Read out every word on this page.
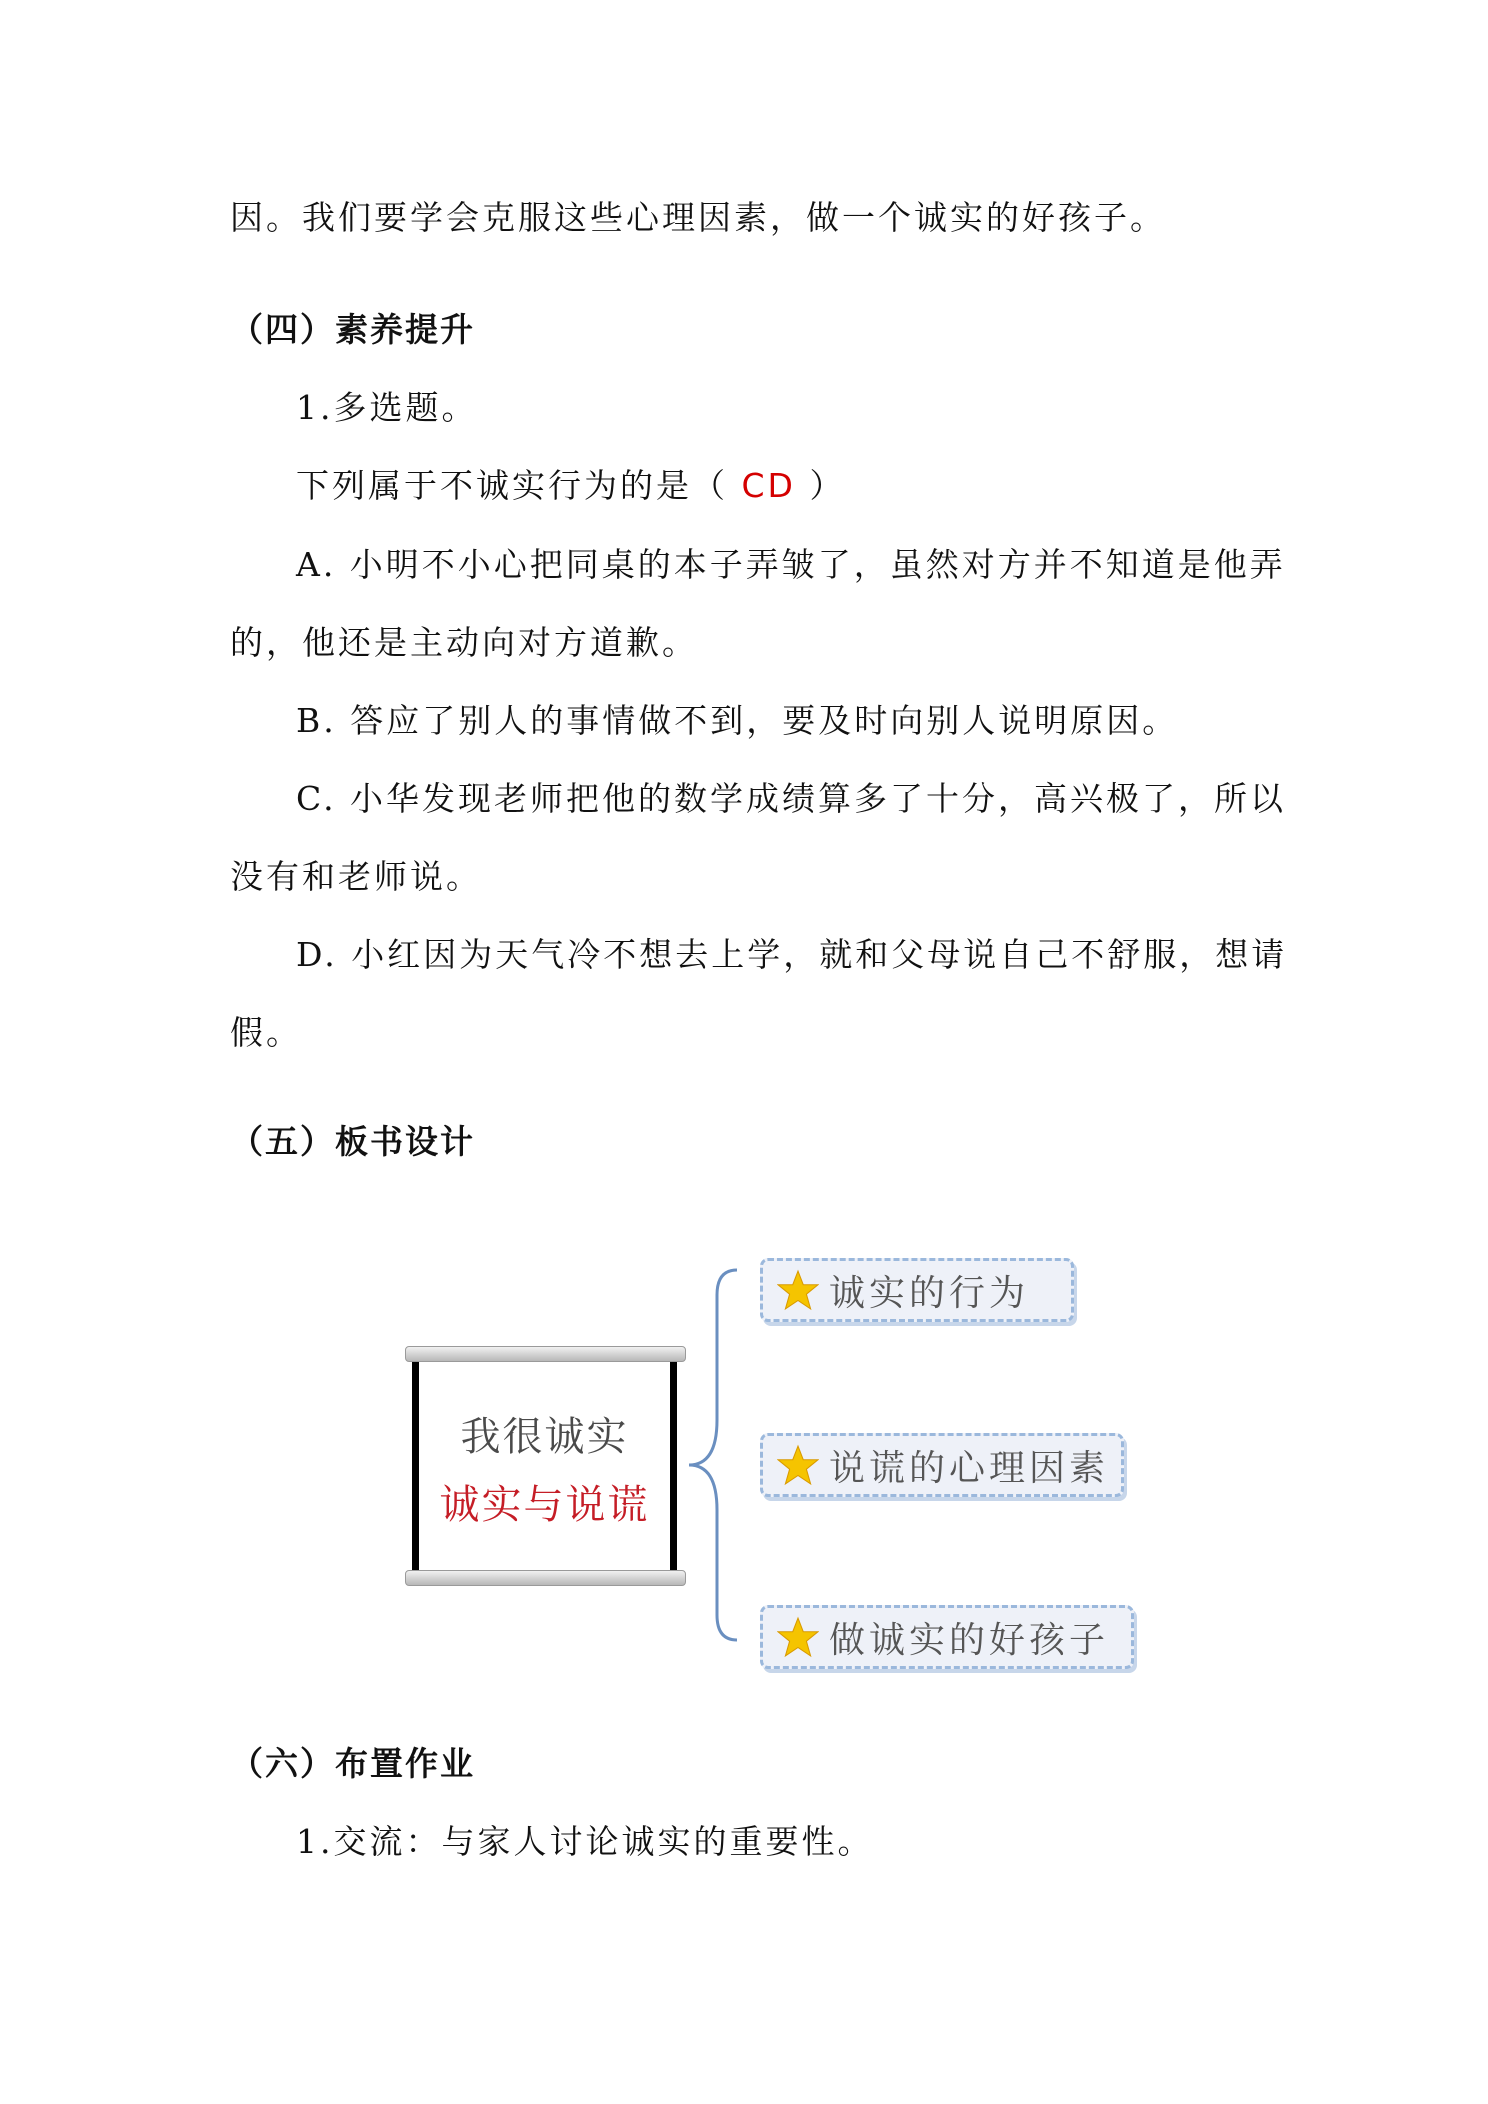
因。我们要学会克服这些心理因素，做一个诚实的好孩子。
（四）素养提升
1.多选题。
下列属于不诚实行为的是（ CD ）
A. 小明不小心把同桌的本子弄皱了，虽然对方并不知道是他弄
的，他还是主动向对方道歉。
B. 答应了别人的事情做不到，要及时向别人说明原因。
C. 小华发现老师把他的数学成绩算多了十分，高兴极了，所以
没有和老师说。
D. 小红因为天气冷不想去上学，就和父母说自己不舒服，想请
假。
（五）板书设计
我很诚实
诚实与说谎
诚实的行为
说谎的心理因素
做诚实的好孩子
（六）布置作业
1.交流：与家人讨论诚实的重要性。
